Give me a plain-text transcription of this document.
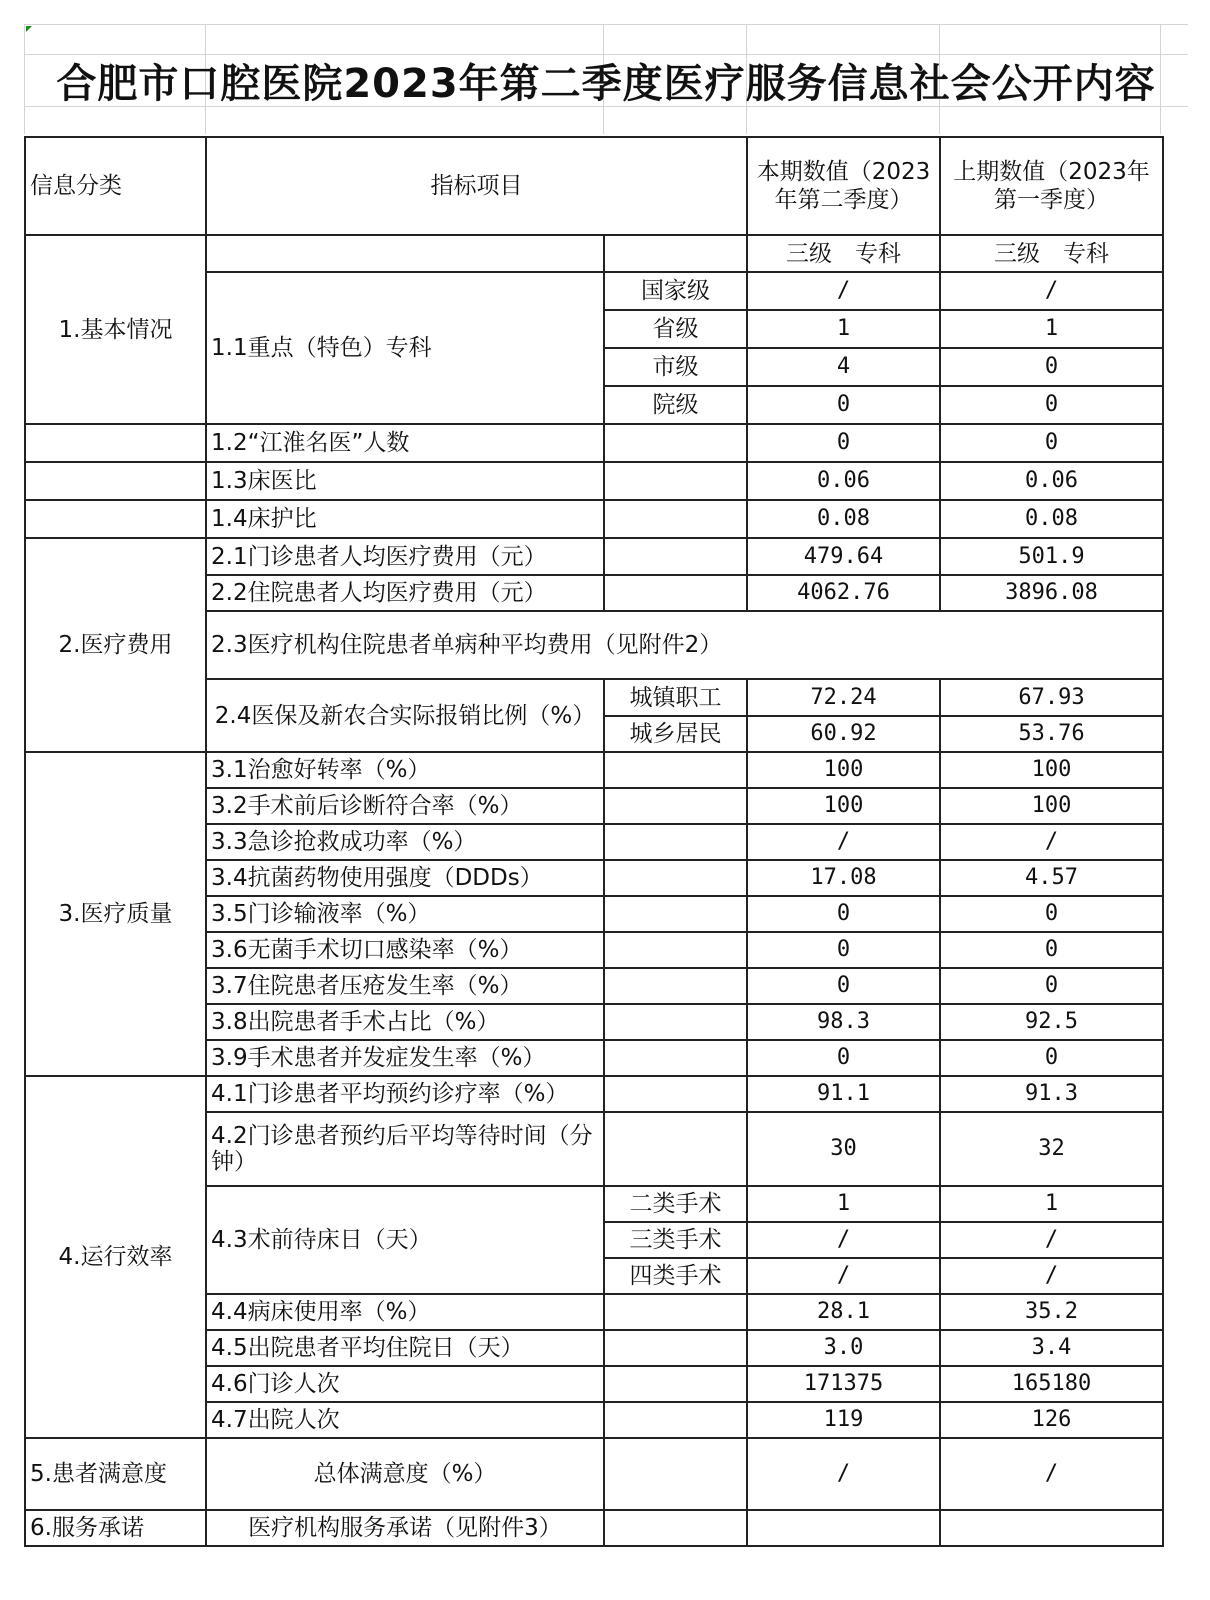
合肥市口腔医院2023年第二季度医疗服务信息社会公开内容
信息分类	指标项目		本期数值（2023年第二季度）	上期数值（2023年第一季度）
1.基本情况			三级　专科	三级　专科
	1.1重点（特色）专科	国家级	/	/
		省级	1	1
		市级	4	0
		院级	0	0
	1.2“江淮名医”人数		0	0
	1.3床医比		0.06	0.06
	1.4床护比		0.08	0.08
2.医疗费用	2.1门诊患者人均医疗费用（元）		479.64	501.9
	2.2住院患者人均医疗费用（元）		4062.76	3896.08
	2.3医疗机构住院患者单病种平均费用（见附件2）			
	2.4医保及新农合实际报销比例（%）	城镇职工	72.24	67.93
		城乡居民	60.92	53.76
3.医疗质量	3.1治愈好转率（%）		100	100
	3.2手术前后诊断符合率（%）		100	100
	3.3急诊抢救成功率（%）		/	/
	3.4抗菌药物使用强度（DDDs）		17.08	4.57
	3.5门诊输液率（%）		0	0
	3.6无菌手术切口感染率（%）		0	0
	3.7住院患者压疮发生率（%）		0	0
	3.8出院患者手术占比（%）		98.3	92.5
	3.9手术患者并发症发生率（%）		0	0
4.运行效率	4.1门诊患者平均预约诊疗率（%）		91.1	91.3
	4.2门诊患者预约后平均等待时间（分钟）		30	32
	4.3术前待床日（天）	二类手术	1	1
		三类手术	/	/
		四类手术	/	/
	4.4病床使用率（%）		28.1	35.2
	4.5出院患者平均住院日（天）		3.0	3.4
	4.6门诊人次		171375	165180
	4.7出院人次		119	126
5.患者满意度	总体满意度（%）		/	/
6.服务承诺	医疗机构服务承诺（见附件3）			
